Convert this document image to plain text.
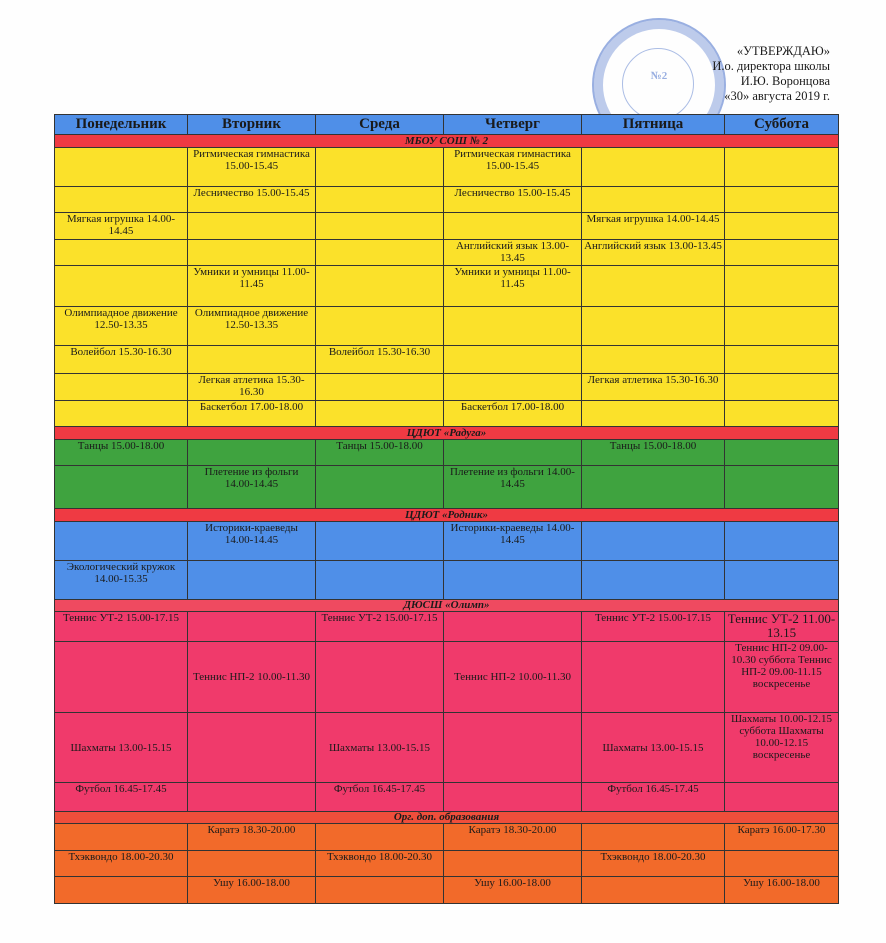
№2
«УТВЕРЖДАЮ»
И.о. директора школы
И.Ю. Воронцова
«30» августа 2019 г.
Понедельник	Вторник	Среда	Четверг	Пятница	Суббота
МБОУ СОШ № 2					
	Ритмическая гимнастика 15.00-15.45		Ритмическая гимнастика 15.00-15.45		
	Лесничество 15.00-15.45		Лесничество 15.00-15.45		
Мягкая игрушка 14.00-14.45				Мягкая игрушка 14.00-14.45	
			Английский язык 13.00-13.45	Английский язык 13.00-13.45	
	Умники и умницы 11.00-11.45		Умники и умницы 11.00-11.45		
Олимпиадное движение 12.50-13.35	Олимпиадное движение 12.50-13.35				
Волейбол 15.30-16.30		Волейбол 15.30-16.30			
	Легкая атлетика 15.30-16.30			Легкая атлетика 15.30-16.30	
	Баскетбол 17.00-18.00		Баскетбол 17.00-18.00		
ЦДЮТ «Радуга»					
Танцы 15.00-18.00		Танцы 15.00-18.00		Танцы 15.00-18.00	
	Плетение из фольги 14.00-14.45		Плетение из фольги 14.00-14.45		
ЦДЮТ «Родник»					
	Историки-краеведы 14.00-14.45		Историки-краеведы 14.00-14.45		
Экологический кружок 14.00-15.35					
ДЮСШ «Олимп»					
Теннис УТ-2 15.00-17.15		Теннис УТ-2 15.00-17.15		Теннис УТ-2 15.00-17.15	Теннис УТ-2 11.00-13.15
	Теннис НП-2 10.00-11.30		Теннис НП-2 10.00-11.30		Теннис НП-2 09.00-10.30 суббота Теннис НП-2 09.00-11.15 воскресенье
Шахматы 13.00-15.15		Шахматы 13.00-15.15		Шахматы 13.00-15.15	Шахматы 10.00-12.15 суббота Шахматы 10.00-12.15 воскресенье
Футбол 16.45-17.45		Футбол 16.45-17.45		Футбол 16.45-17.45	
Орг. доп. образования					
	Каратэ 18.30-20.00		Каратэ 18.30-20.00		Каратэ 16.00-17.30
Тхэквондо 18.00-20.30		Тхэквондо 18.00-20.30		Тхэквондо 18.00-20.30	
	Ушу 16.00-18.00		Ушу 16.00-18.00		Ушу 16.00-18.00
